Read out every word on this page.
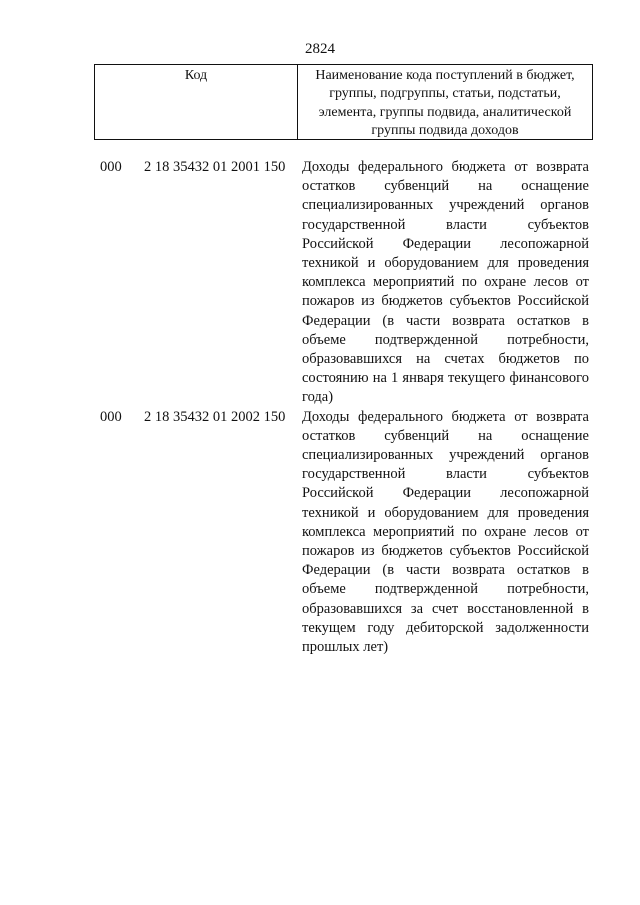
2824
Код	Наименование кода поступлений в бюджет, группы, подгруппы, статьи, подстатьи, элемента, группы подвида, аналитической группы подвида доходов
000	2 18 35432 01 2001 150	Доходы федерального бюджета от возврата остатков субвенций на оснащение специализированных учреждений органов государственной власти субъектов Российской Федерации лесопожарной техникой и оборудованием для проведения комплекса мероприятий по охране лесов от пожаров из бюджетов субъектов Российской Федерации (в части возврата остатков в объеме подтвержденной потребности, образовавшихся на счетах бюджетов по состоянию на 1 января текущего финансового года)
000	2 18 35432 01 2002 150	Доходы федерального бюджета от возврата остатков субвенций на оснащение специализированных учреждений органов государственной власти субъектов Российской Федерации лесопожарной техникой и оборудованием для проведения комплекса мероприятий по охране лесов от пожаров из бюджетов субъектов Российской Федерации (в части возврата остатков в объеме подтвержденной потребности, образовавшихся за счет восстановленной в текущем году дебиторской задолженности прошлых лет)
